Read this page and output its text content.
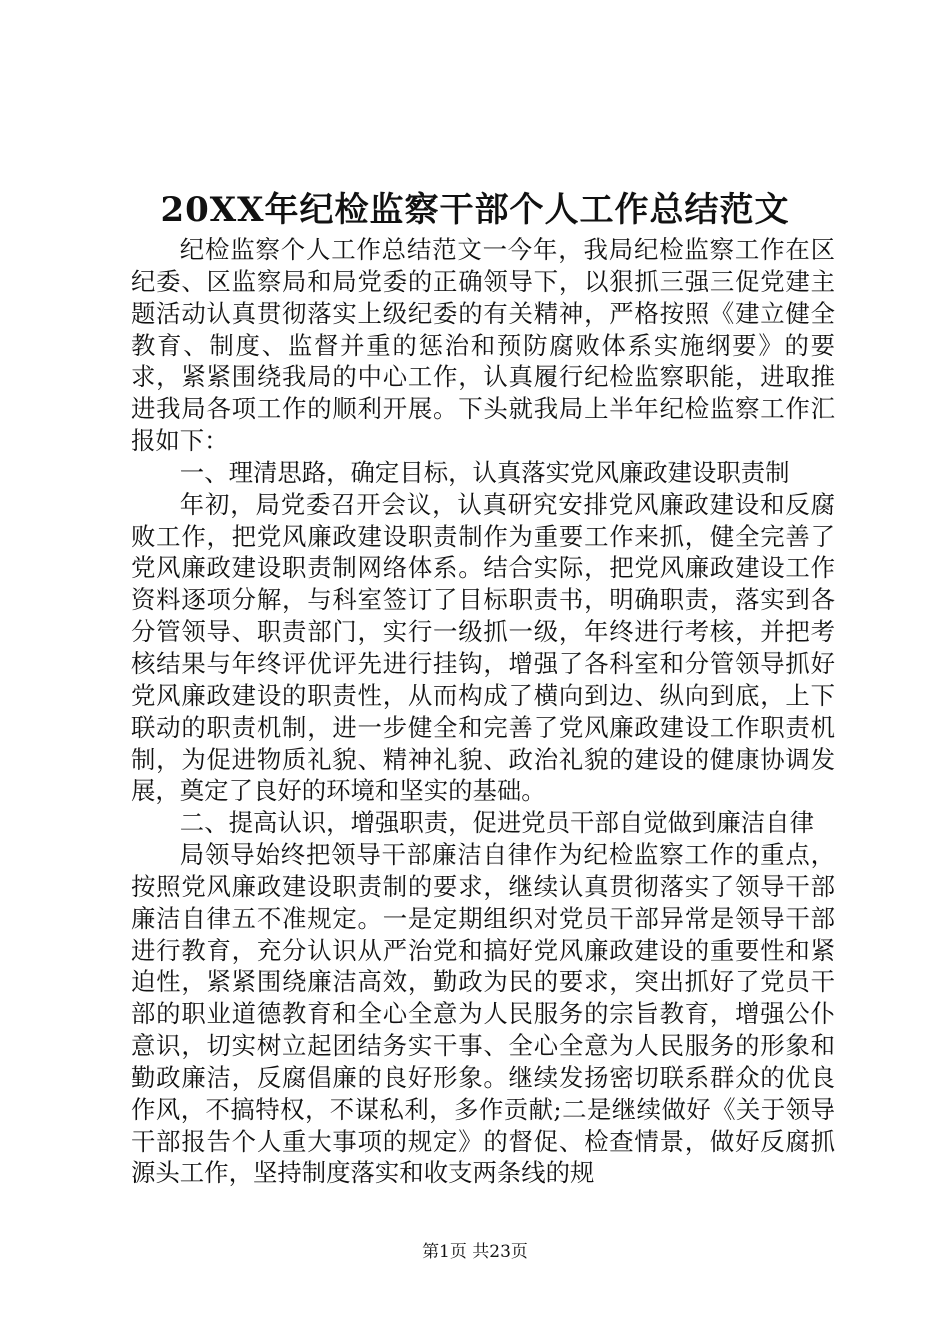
20XX年纪检监察干部个人工作总结范文

纪检监察个人工作总结范文一今年，我局纪检监察工作在区纪委、区监察局和局党委的正确领导下，以狠抓三强三促党建主题活动认真贯彻落实上级纪委的有关精神，严格按照《建立健全教育、制度、监督并重的惩治和预防腐败体系实施纲要》的要求，紧紧围绕我局的中心工作，认真履行纪检监察职能，进取推进我局各项工作的顺利开展。下头就我局上半年纪检监察工作汇报如下：

一、理清思路，确定目标，认真落实党风廉政建设职责制

年初，局党委召开会议，认真研究安排党风廉政建设和反腐败工作，把党风廉政建设职责制作为重要工作来抓，健全完善了党风廉政建设职责制网络体系。结合实际，把党风廉政建设工作资料逐项分解，与科室签订了目标职责书，明确职责，落实到各分管领导、职责部门，实行一级抓一级，年终进行考核，并把考核结果与年终评优评先进行挂钩，增强了各科室和分管领导抓好党风廉政建设的职责性，从而构成了横向到边、纵向到底，上下联动的职责机制，进一步健全和完善了党风廉政建设工作职责机制，为促进物质礼貌、精神礼貌、政治礼貌的建设的健康协调发展，奠定了良好的环境和坚实的基础。

二、提高认识，增强职责，促进党员干部自觉做到廉洁自律

局领导始终把领导干部廉洁自律作为纪检监察工作的重点，按照党风廉政建设职责制的要求，继续认真贯彻落实了领导干部廉洁自律五不准规定。一是定期组织对党员干部异常是领导干部进行教育，充分认识从严治党和搞好党风廉政建设的重要性和紧迫性，紧紧围绕廉洁高效，勤政为民的要求，突出抓好了党员干部的职业道德教育和全心全意为人民服务的宗旨教育，增强公仆意识，切实树立起团结务实干事、全心全意为人民服务的形象和勤政廉洁，反腐倡廉的良好形象。继续发扬密切联系群众的优良作风，不搞特权，不谋私利，多作贡献;二是继续做好《关于领导干部报告个人重大事项的规定》的督促、检查情景，做好反腐抓源头工作，坚持制度落实和收支两条线的规

第1页 共23页
